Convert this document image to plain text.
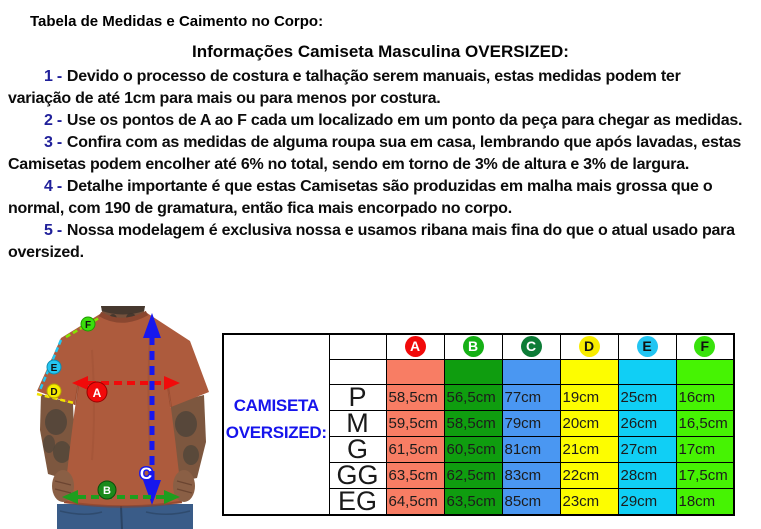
Tabela de Medidas e Caimento no Corpo:
Informações Camiseta Masculina OVERSIZED:

1 - Devido o processo de costura e talhação serem manuais, estas medidas podem ter variação de até 1cm para mais ou para menos por costura.

2 - Use os pontos de A ao F cada um localizado em um ponto da peça para chegar as medidas.

3 - Confira com as medidas de alguma roupa sua em casa, lembrando que após lavadas, estas Camisetas podem encolher até 6% no total, sendo em torno de 3% de altura e 3% de largura.

4 - Detalhe importante é que estas Camisetas são produzidas em malha mais grossa que o normal, com 190 de gramatura, então fica mais encorpado no corpo.

5 - Nossa modelagem é exclusiva nossa e usamos ribana mais fina do que o atual usado para oversized.

F
E
D	A
C
B
CAMISETA
OVERSIZED:		A	B	C	D	E	F

	P	58,5cm	56,5cm	77cm	19cm	25cm	16cm
	M	59,5cm	58,5cm	79cm	20cm	26cm	16,5cm
	G	61,5cm	60,5cm	81cm	21cm	27cm	17cm
	GG	63,5cm	62,5cm	83cm	22cm	28cm	17,5cm
	EG	64,5cm	63,5cm	85cm	23cm	29cm	18cm
